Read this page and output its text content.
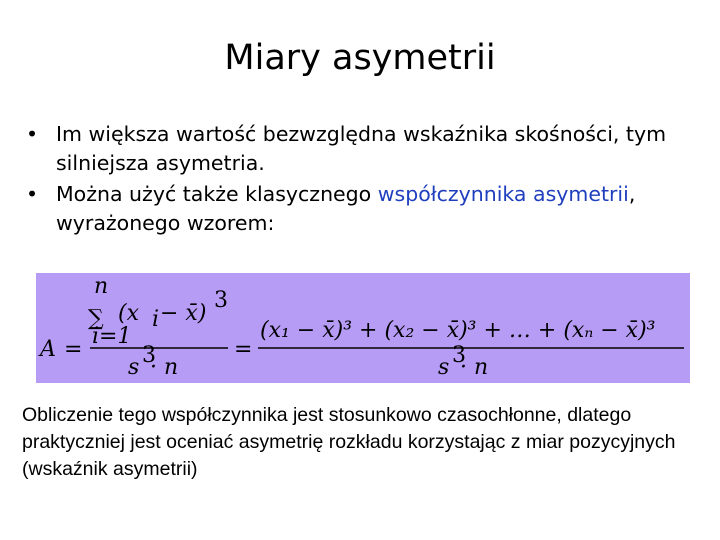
Miary asymetrii
• Im większa wartość bezwzględna wskaźnika skośności, tym silniejsza asymetria.
• Można użyć także klasycznego współczynnika asymetrii, wyrażonego wzorem:
A =
n
∑
i=1
(x i − x̄)
3
s 3
· n
=
(x₁ − x̄)³ + (x₂ − x̄)³ + … + (xₙ − x̄)³
s 3
· n
Obliczenie tego współczynnika jest stosunkowo czasochłonne, dlatego praktyczniej jest oceniać asymetrię rozkładu korzystając z miar pozycyjnych (wskaźnik asymetrii)
